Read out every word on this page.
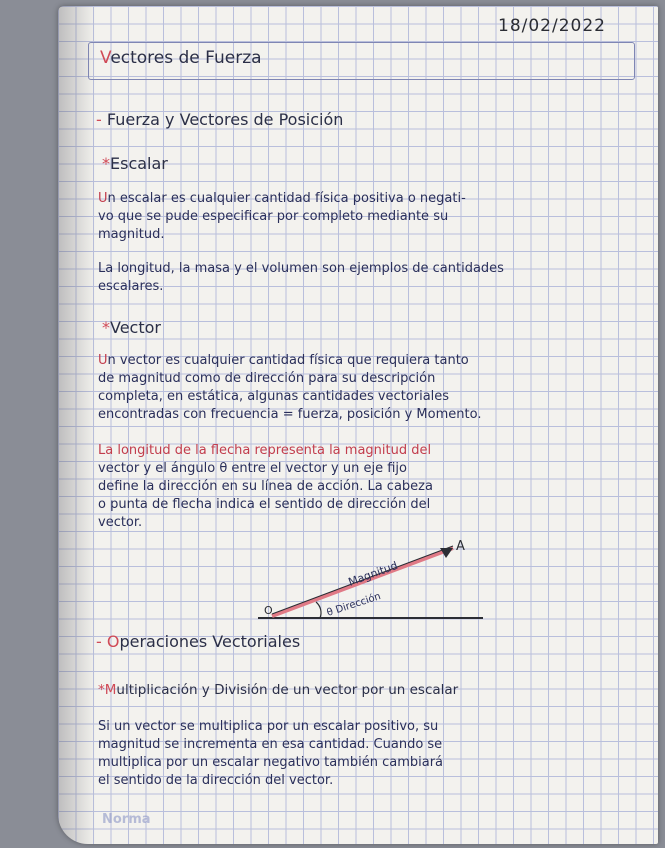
18/02/2022
Vectores de Fuerza
- Fuerza y Vectores de Posición
*Escalar
Un escalar es cualquier cantidad física positiva o negati-
vo que se pude especificar por completo mediante su
magnitud.
La longitud, la masa y el volumen son ejemplos de cantidades
escalares.
*Vector
Un vector es cualquier cantidad física que requiera tanto
de magnitud como de dirección para su descripción
completa, en estática, algunas cantidades vectoriales
encontradas con frecuencia = fuerza, posición y Momento.
La longitud de la flecha representa la magnitud del
vector y el ángulo θ entre el vector y un eje fijo
define la dirección en su línea de acción. La cabeza
o punta de flecha indica el sentido de dirección del
vector.
O
A
Magnitud
θ Dirección
- Operaciones Vectoriales
*Multiplicación y División de un vector por un escalar
Si un vector se multiplica por un escalar positivo, su
magnitud se incrementa en esa cantidad. Cuando se
multiplica por un escalar negativo también cambiará
el sentido de la dirección del vector.
Norma
